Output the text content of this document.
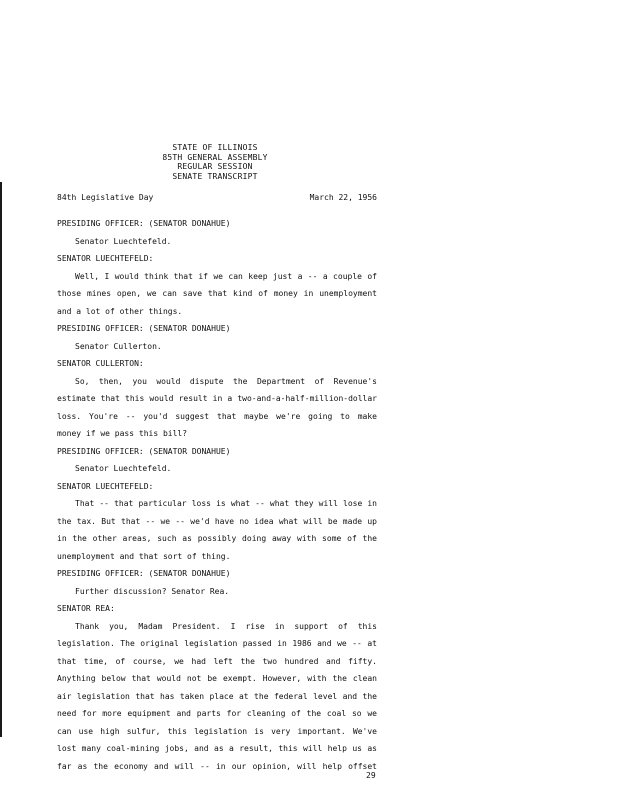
STATE OF ILLINOIS
85TH GENERAL ASSEMBLY
REGULAR SESSION
SENATE TRANSCRIPT
84th Legislative Day	March 22, 1956
PRESIDING OFFICER: (SENATOR DONAHUE)
Senator Luechtefeld.
SENATOR LUECHTEFELD:
Well, I would think that if we can keep just a -- a couple of
those mines open, we can save that kind of money in unemployment
and a lot of other things.
PRESIDING OFFICER: (SENATOR DONAHUE)
Senator Cullerton.
SENATOR CULLERTON:
So, then, you would dispute the Department of Revenue's
estimate that this would result in a two-and-a-half-million-dollar
loss. You're -- you'd suggest that maybe we're going to make
money if we pass this bill?
PRESIDING OFFICER: (SENATOR DONAHUE)
Senator Luechtefeld.
SENATOR LUECHTEFELD:
That -- that particular loss is what -- what they will lose in
the tax. But that -- we -- we'd have no idea what will be made up
in the other areas, such as possibly doing away with some of the
unemployment and that sort of thing.
PRESIDING OFFICER: (SENATOR DONAHUE)
Further discussion? Senator Rea.
SENATOR REA:
Thank you, Madam President. I rise in support of this
legislation. The original legislation passed in 1986 and we -- at
that time, of course, we had left the two hundred and fifty.
Anything below that would not be exempt. However, with the clean
air legislation that has taken place at the federal level and the
need for more equipment and parts for cleaning of the coal so we
can use high sulfur, this legislation is very important. We've
lost many coal-mining jobs, and as a result, this will help us as
far as the economy and will -- in our opinion, will help offset
29
